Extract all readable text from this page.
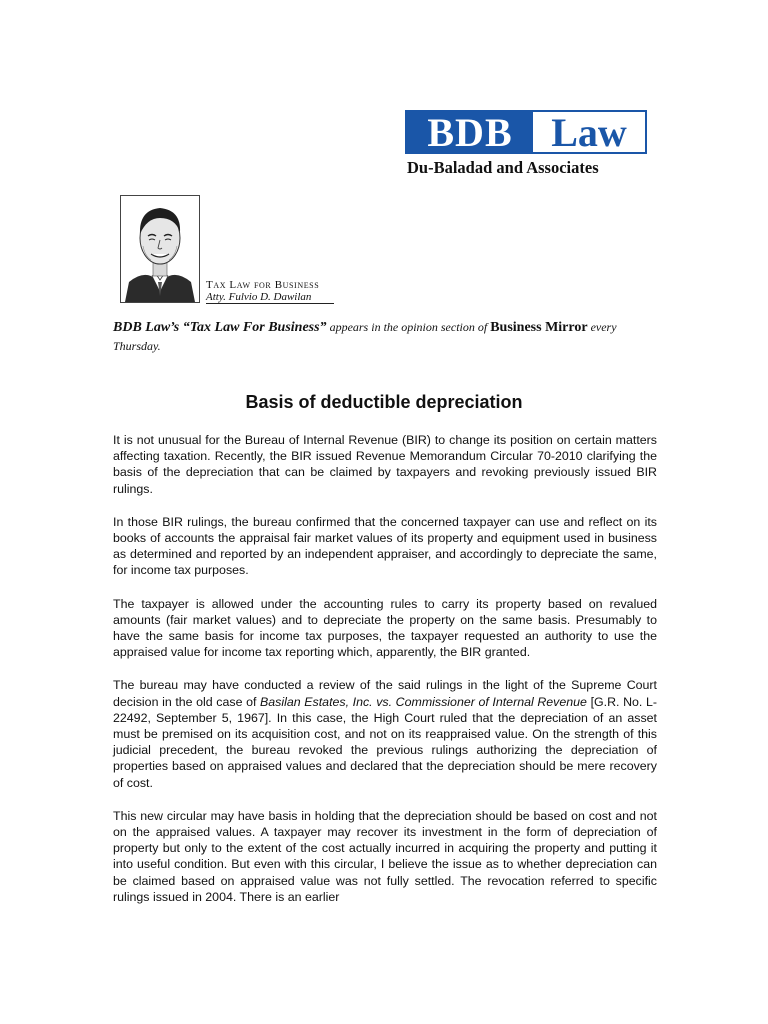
BDB Law
Du-Baladad and Associates
Tax Law for Business
Atty. Fulvio D. Dawilan
BDB Law’s “Tax Law For Business” appears in the opinion section of Business Mirror every Thursday.
Basis of deductible depreciation

It is not unusual for the Bureau of Internal Revenue (BIR) to change its position on certain matters affecting taxation. Recently, the BIR issued Revenue Memorandum Circular 70-2010 clarifying the basis of the depreciation that can be claimed by taxpayers and revoking previously issued BIR rulings.

In those BIR rulings, the bureau confirmed that the concerned taxpayer can use and reflect on its books of accounts the appraisal fair market values of its property and equipment used in business as determined and reported by an independent appraiser, and accordingly to depreciate the same, for income tax purposes.

The taxpayer is allowed under the accounting rules to carry its property based on revalued amounts (fair market values) and to depreciate the property on the same basis. Presumably to have the same basis for income tax purposes, the taxpayer requested an authority to use the appraised value for income tax reporting which, apparently, the BIR granted.

The bureau may have conducted a review of the said rulings in the light of the Supreme Court decision in the old case of Basilan Estates, Inc. vs. Commissioner of Internal Revenue [G.R. No. L-22492, September 5, 1967]. In this case, the High Court ruled that the depreciation of an asset must be premised on its acquisition cost, and not on its reappraised value. On the strength of this judicial precedent, the bureau revoked the previous rulings authorizing the depreciation of properties based on appraised values and declared that the depreciation should be mere recovery of cost.

This new circular may have basis in holding that the depreciation should be based on cost and not on the appraised values. A taxpayer may recover its investment in the form of depreciation of property but only to the extent of the cost actually incurred in acquiring the property and putting it into useful condition. But even with this circular, I believe the issue as to whether depreciation can be claimed based on appraised value was not fully settled. The revocation referred to specific rulings issued in 2004. There is an earlier
